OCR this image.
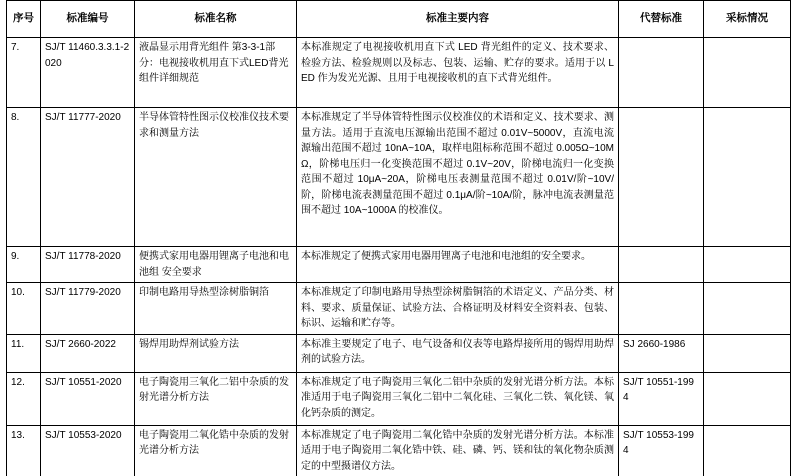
序号	标准编号	标准名称	标准主要内容	代替标准	采标情况
7.	SJ/T 11460.3.3.1-2020	液晶显示用背光组件 第3-3-1部分：电视接收机用直下式LED背光组件详细规范	本标准规定了电视接收机用直下式 LED 背光组件的定义、技术要求、检验方法、检验规则以及标志、包装、运输、贮存的要求。适用于以 LED 作为发光光源、且用于电视接收机的直下式背光组件。		
8.	SJ/T 11777-2020	半导体管特性图示仪校准仪技术要求和测量方法	本标准规定了半导体管特性图示仪校准仪的术语和定义、技术要求、测量方法。适用于直流电压源输出范围不超过 0.01V~5000V，直流电流源输出范围不超过 10nA~10A，取样电阻标称范围不超过 0.005Ω~10MΩ，阶梯电压归一化变换范围不超过 0.1V~20V，阶梯电流归一化变换范围不超过 10μA~20A，阶梯电压表测量范围不超过 0.01V/阶~10V/阶，阶梯电流表测量范围不超过 0.1μA/阶~10A/阶，脉冲电流表测量范围不超过 10A~1000A 的校准仪。		
9.	SJ/T 11778-2020	便携式家用电器用锂离子电池和电池组 安全要求	本标准规定了便携式家用电器用锂离子电池和电池组的安全要求。		
10.	SJ/T 11779-2020	印制电路用导热型涂树脂铜箔	本标准规定了印制电路用导热型涂树脂铜箔的术语定义、产品分类、材料、要求、质量保证、试验方法、合格证明及材料安全资料表、包装、标识、运输和贮存等。		
11.	SJ/T 2660-2022	锡焊用助焊剂试验方法	本标准主要规定了电子、电气设备和仪表等电路焊接所用的锡焊用助焊剂的试验方法。	SJ 2660-1986	
12.	SJ/T 10551-2020	电子陶瓷用三氧化二铝中杂质的发射光谱分析方法	本标准规定了电子陶瓷用三氧化二铝中杂质的发射光谱分析方法。本标准适用于电子陶瓷用三氧化二铝中二氧化硅、三氧化二铁、氧化镁、氧化钙杂质的测定。	SJ/T 10551-1994	
13.	SJ/T 10553-2020	电子陶瓷用二氧化锆中杂质的发射光谱分析方法	本标准规定了电子陶瓷用二氧化锆中杂质的发射光谱分析方法。本标准适用于电子陶瓷用二氧化锆中铁、硅、磷、钙、镁和钛的氧化物杂质测定的中型摄谱仪方法。	SJ/T 10553-1994	
